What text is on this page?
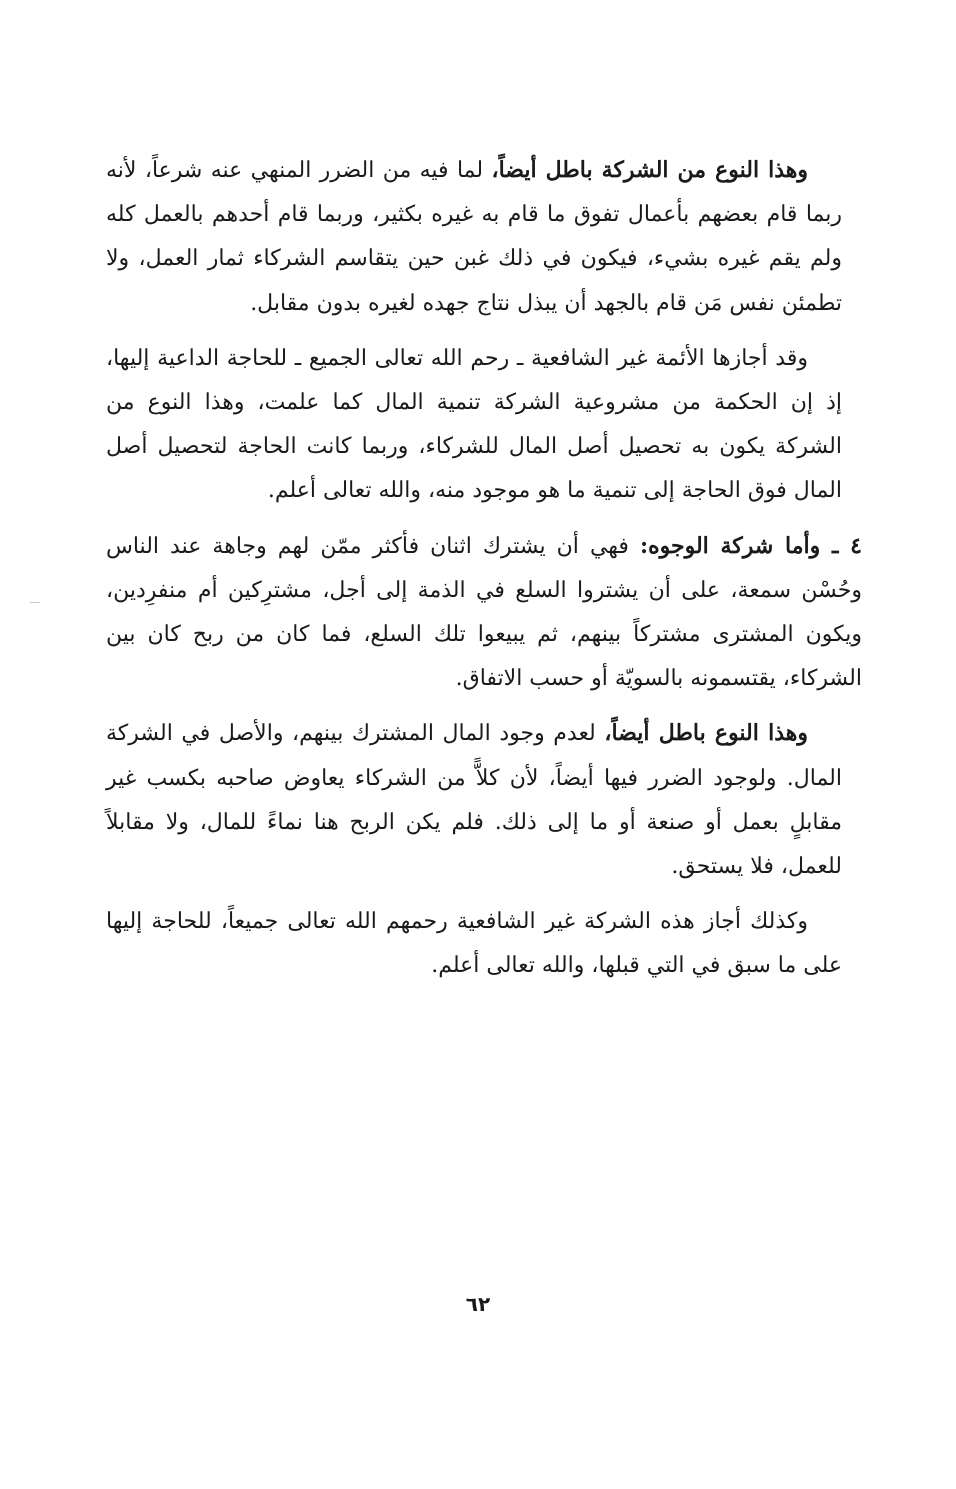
وهذا النوع من الشركة باطل أيضاً، لما فيه من الضرر المنهي عنه شرعاً، لأنه ربما قام بعضهم بأعمال تفوق ما قام به غيره بكثير، وربما قام أحدهم بالعمل كله ولم يقم غيره بشيء، فيكون في ذلك غبن حين يتقاسم الشركاء ثمار العمل، ولا تطمئن نفس مَن قام بالجهد أن يبذل نتاج جهده لغيره بدون مقابل.

وقد أجازها الأئمة غير الشافعية ـ رحم الله تعالى الجميع ـ للحاجة الداعية إليها، إذ إن الحكمة من مشروعية الشركة تنمية المال كما علمت، وهذا النوع من الشركة يكون به تحصيل أصل المال للشركاء، وربما كانت الحاجة لتحصيل أصل المال فوق الحاجة إلى تنمية ما هو موجود منه، والله تعالى أعلم.

٤ ـ وأما شركة الوجوه: فهي أن يشترك اثنان فأكثر ممّن لهم وجاهة عند الناس وحُسْن سمعة، على أن يشتروا السلع في الذمة إلى أجل، مشترِكين أم منفرِدين، ويكون المشترى مشتركاً بينهم، ثم يبيعوا تلك السلع، فما كان من ربح كان بين الشركاء، يقتسمونه بالسويّة أو حسب الاتفاق.

وهذا النوع باطل أيضاً، لعدم وجود المال المشترك بينهم، والأصل في الشركة المال. ولوجود الضرر فيها أيضاً، لأن كلاًّ من الشركاء يعاوض صاحبه بكسب غير مقابلٍ بعمل أو صنعة أو ما إلى ذلك. فلم يكن الربح هنا نماءً للمال، ولا مقابلاً للعمل، فلا يستحق.

وكذلك أجاز هذه الشركة غير الشافعية رحمهم الله تعالى جميعاً، للحاجة إليها على ما سبق في التي قبلها، والله تعالى أعلم.

٦٢
